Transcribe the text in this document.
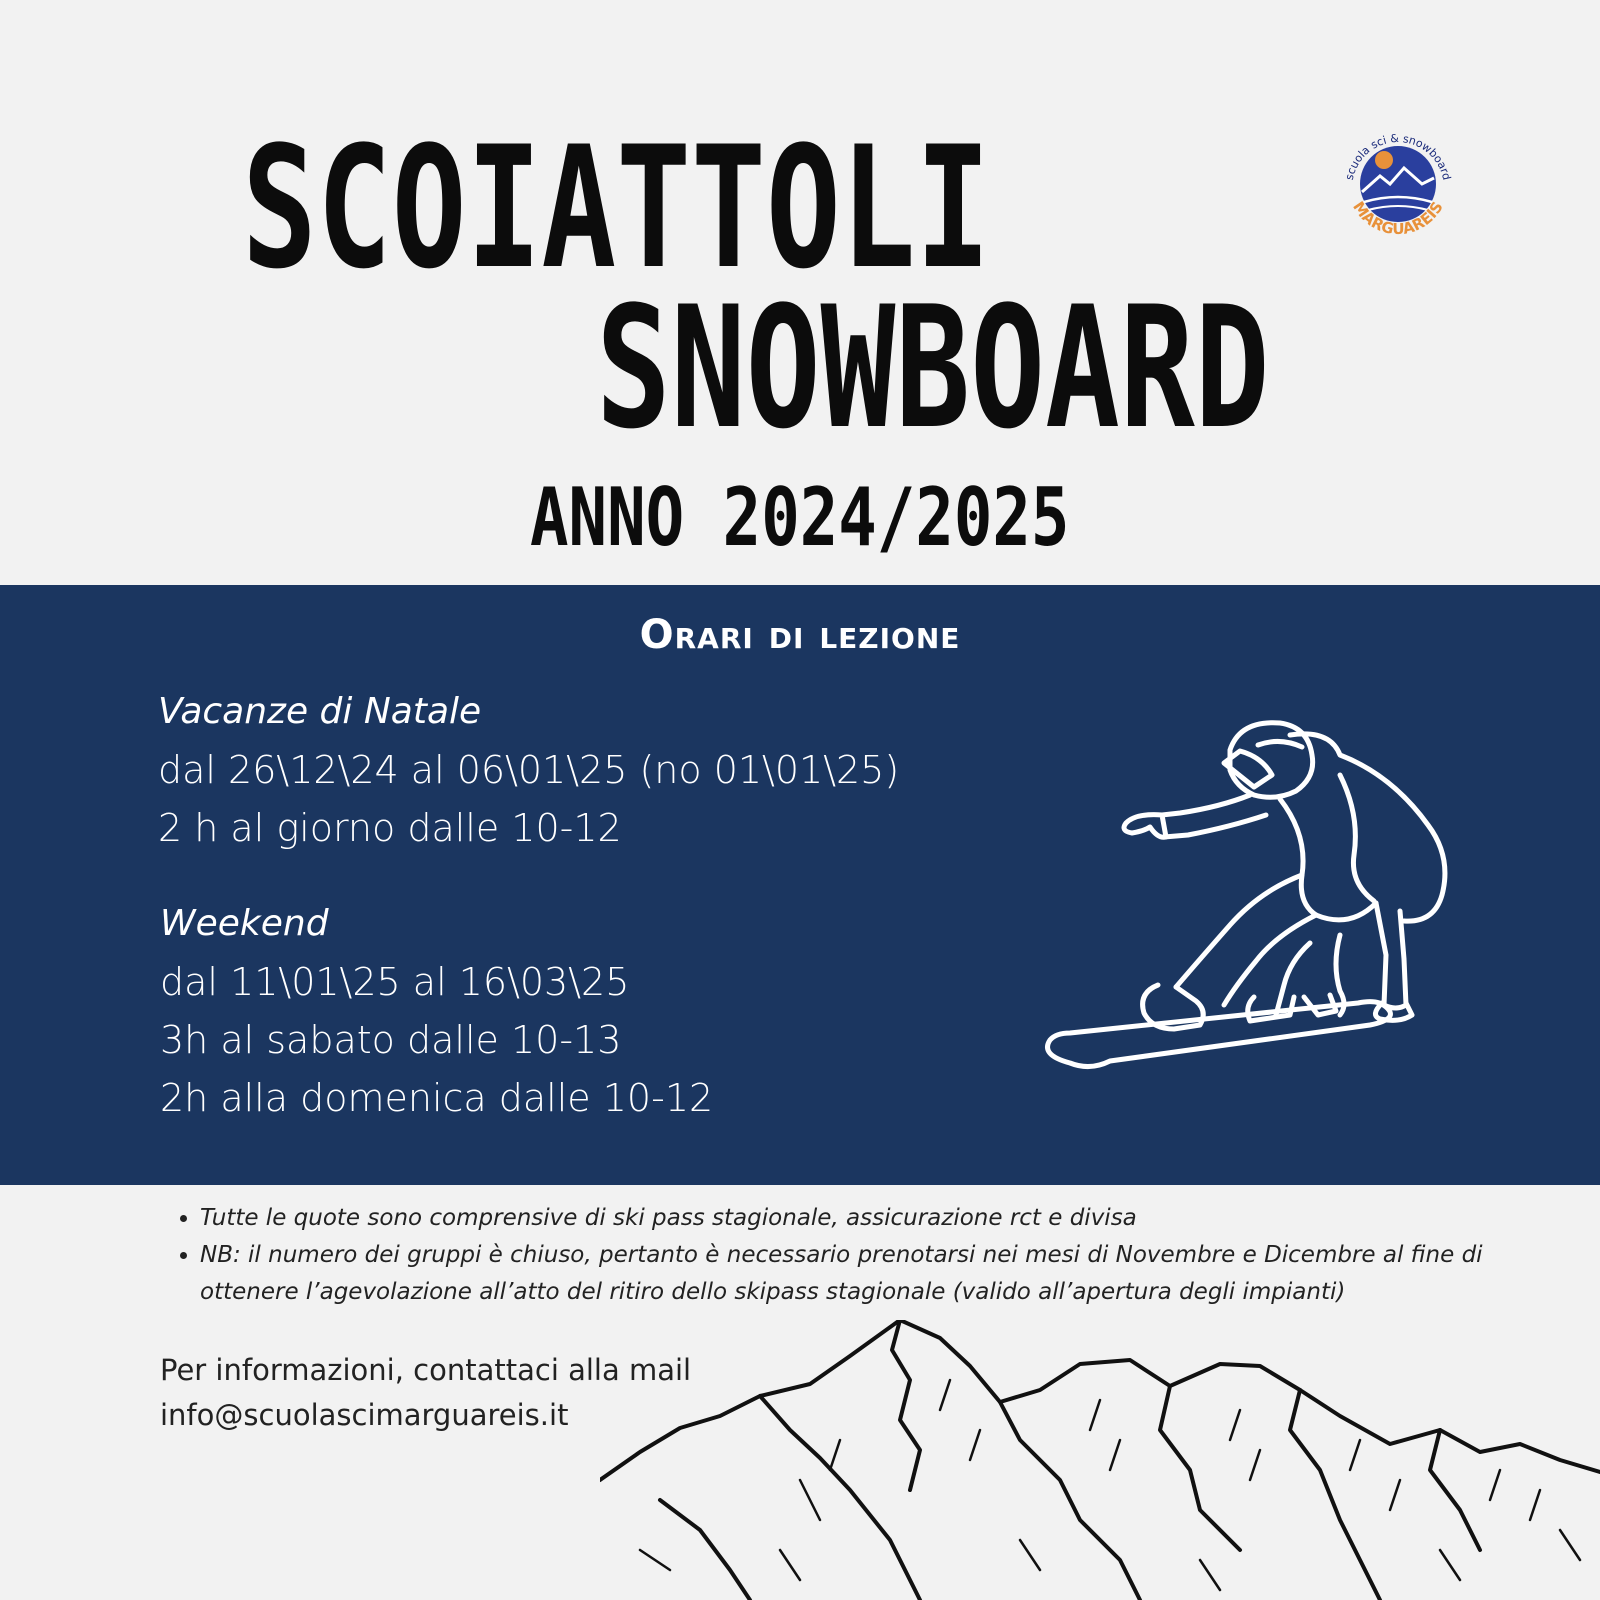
SCOIATTOLI
SNOWBOARD
ANNO 2024/2025
scuola sci & snowboard
MARGUAREIS
Orari di lezione
Vacanze di Natale
dal 26\12\24 al 06\01\25 (no 01\01\25)
2 h al giorno dalle 10-12
Weekend
dal 11\01\25 al 16\03\25
3h al sabato dalle 10-13
2h alla domenica dalle 10-12
• Tutte le quote sono comprensive di ski pass stagionale, assicurazione rct e divisa
• NB: il numero dei gruppi è chiuso, pertanto è necessario prenotarsi nei mesi di Novembre e Dicembre al fine di ottenere l’agevolazione all’atto del ritiro dello skipass stagionale (valido all’apertura degli impianti)
Per informazioni, contattaci alla mail
info@scuolascimarguareis.it
